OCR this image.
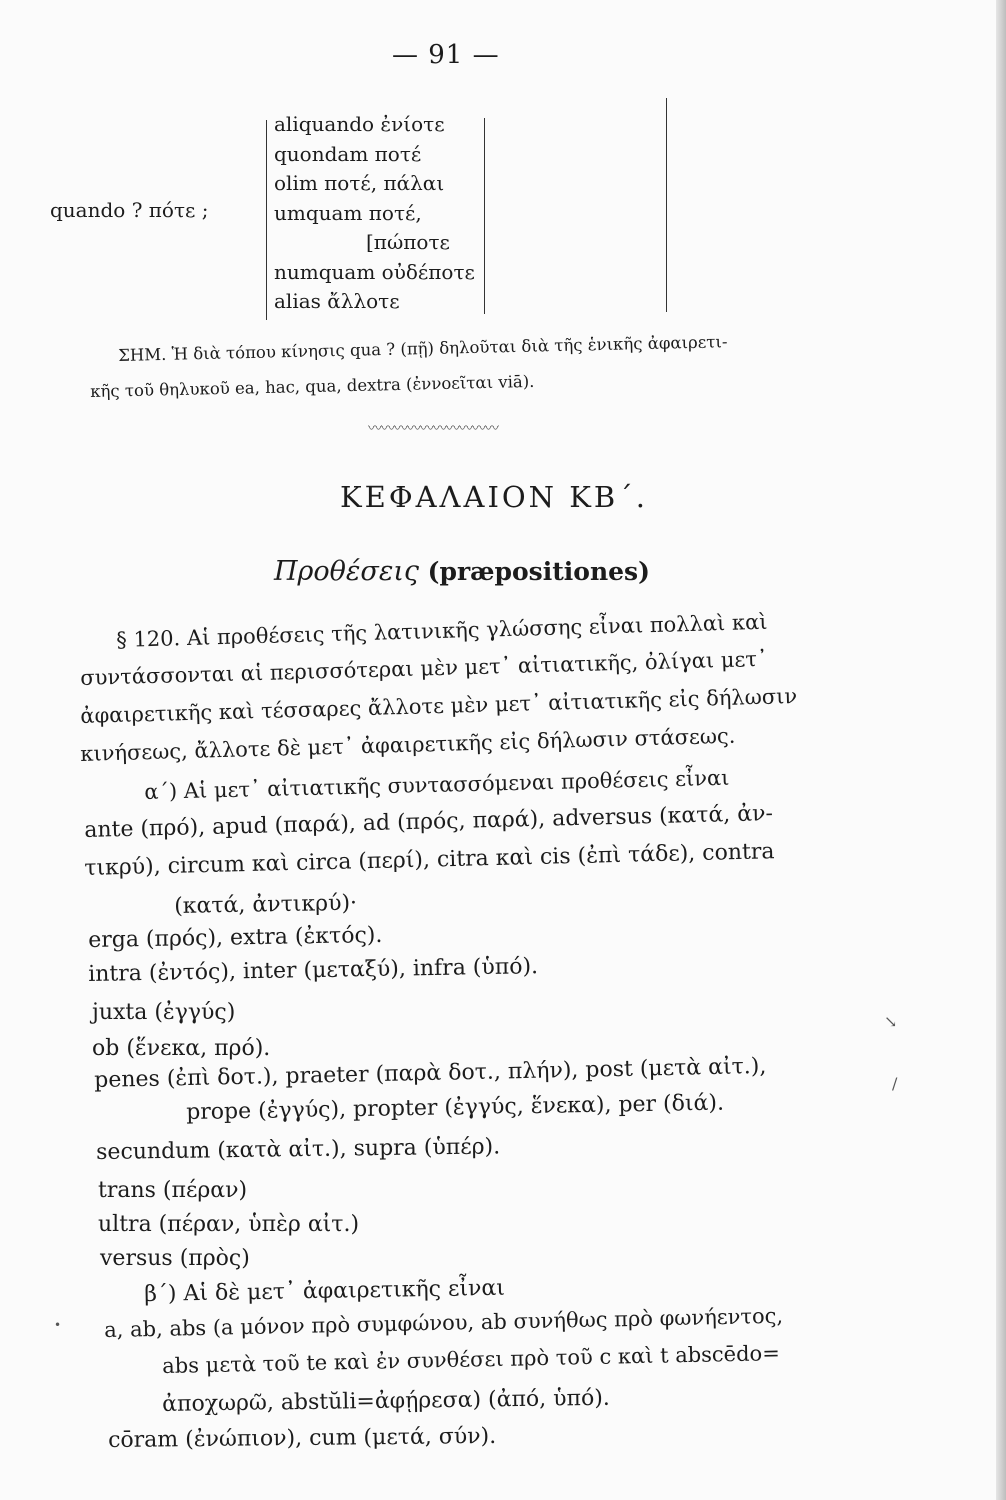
— 91 —
quando ? πότε ;
aliquando ἐνίοτε
quondam ποτέ
olim ποτέ, πάλαι
umquam ποτέ,
[πώποτε
numquam οὐδέποτε
alias ἄλλοτε
ΣΗΜ. Ἡ διὰ τόπου κίνησις qua ? (πῇ) δηλοῦται διὰ τῆς ἑνικῆς ἀφαιρετι-
κῆς τοῦ θηλυκοῦ ea, hac, qua, dextra (ἐννοεῖται viā).
〰〰〰〰〰〰〰〰〰〰
ΚΕΦΑΛΑΙΟΝ ΚΒ΄.
Προθέσεις (præpositiones)
§ 120. Αἱ προθέσεις τῆς λατινικῆς γλώσσης εἶναι πολλαὶ καὶ
συντάσσονται αἱ περισσότεραι μὲν μετ᾽ αἰτιατικῆς, ὀλίγαι μετ᾽
ἀφαιρετικῆς καὶ τέσσαρες ἄλλοτε μὲν μετ᾽ αἰτιατικῆς εἰς δήλωσιν
κινήσεως, ἄλλοτε δὲ μετ᾽ ἀφαιρετικῆς εἰς δήλωσιν στάσεως.
α΄) Αἱ μετ᾽ αἰτιατικῆς συντασσόμεναι προθέσεις εἶναι
ante (πρό), apud (παρά), ad (πρός, παρά), adversus (κατά, ἀν-
τικρύ), circum καὶ circa (περί), citra καὶ cis (ἐπὶ τάδε), contra
(κατά, ἀντικρύ)·
erga (πρός), extra (ἐκτός).
intra (ἐντός), inter (μεταξύ), infra (ὑπό).
juxta (ἐγγύς)
ob (ἕνεκα, πρό).
penes (ἐπὶ δοτ.), praeter (παρὰ δοτ., πλήν), post (μετὰ αἰτ.),
prope (ἐγγύς), propter (ἐγγύς, ἕνεκα), per (διά).
secundum (κατὰ αἰτ.), supra (ὑπέρ).
trans (πέραν)
ultra (πέραν, ὑπὲρ αἰτ.)
versus (πρὸς)
β΄) Αἱ δὲ μετ᾽ ἀφαιρετικῆς εἶναι
a, ab, abs (a μόνον πρὸ συμφώνου, ab συνήθως πρὸ φωνήεντος,
abs μετὰ τοῦ te καὶ ἐν συνθέσει πρὸ τοῦ c καὶ t abscēdo=
ἀποχωρῶ, abstŭli=ἀφῄρεσα) (ἀπό, ὑπό).
cōram (ἐνώπιον), cum (μετά, σύν).
↘
/
•
